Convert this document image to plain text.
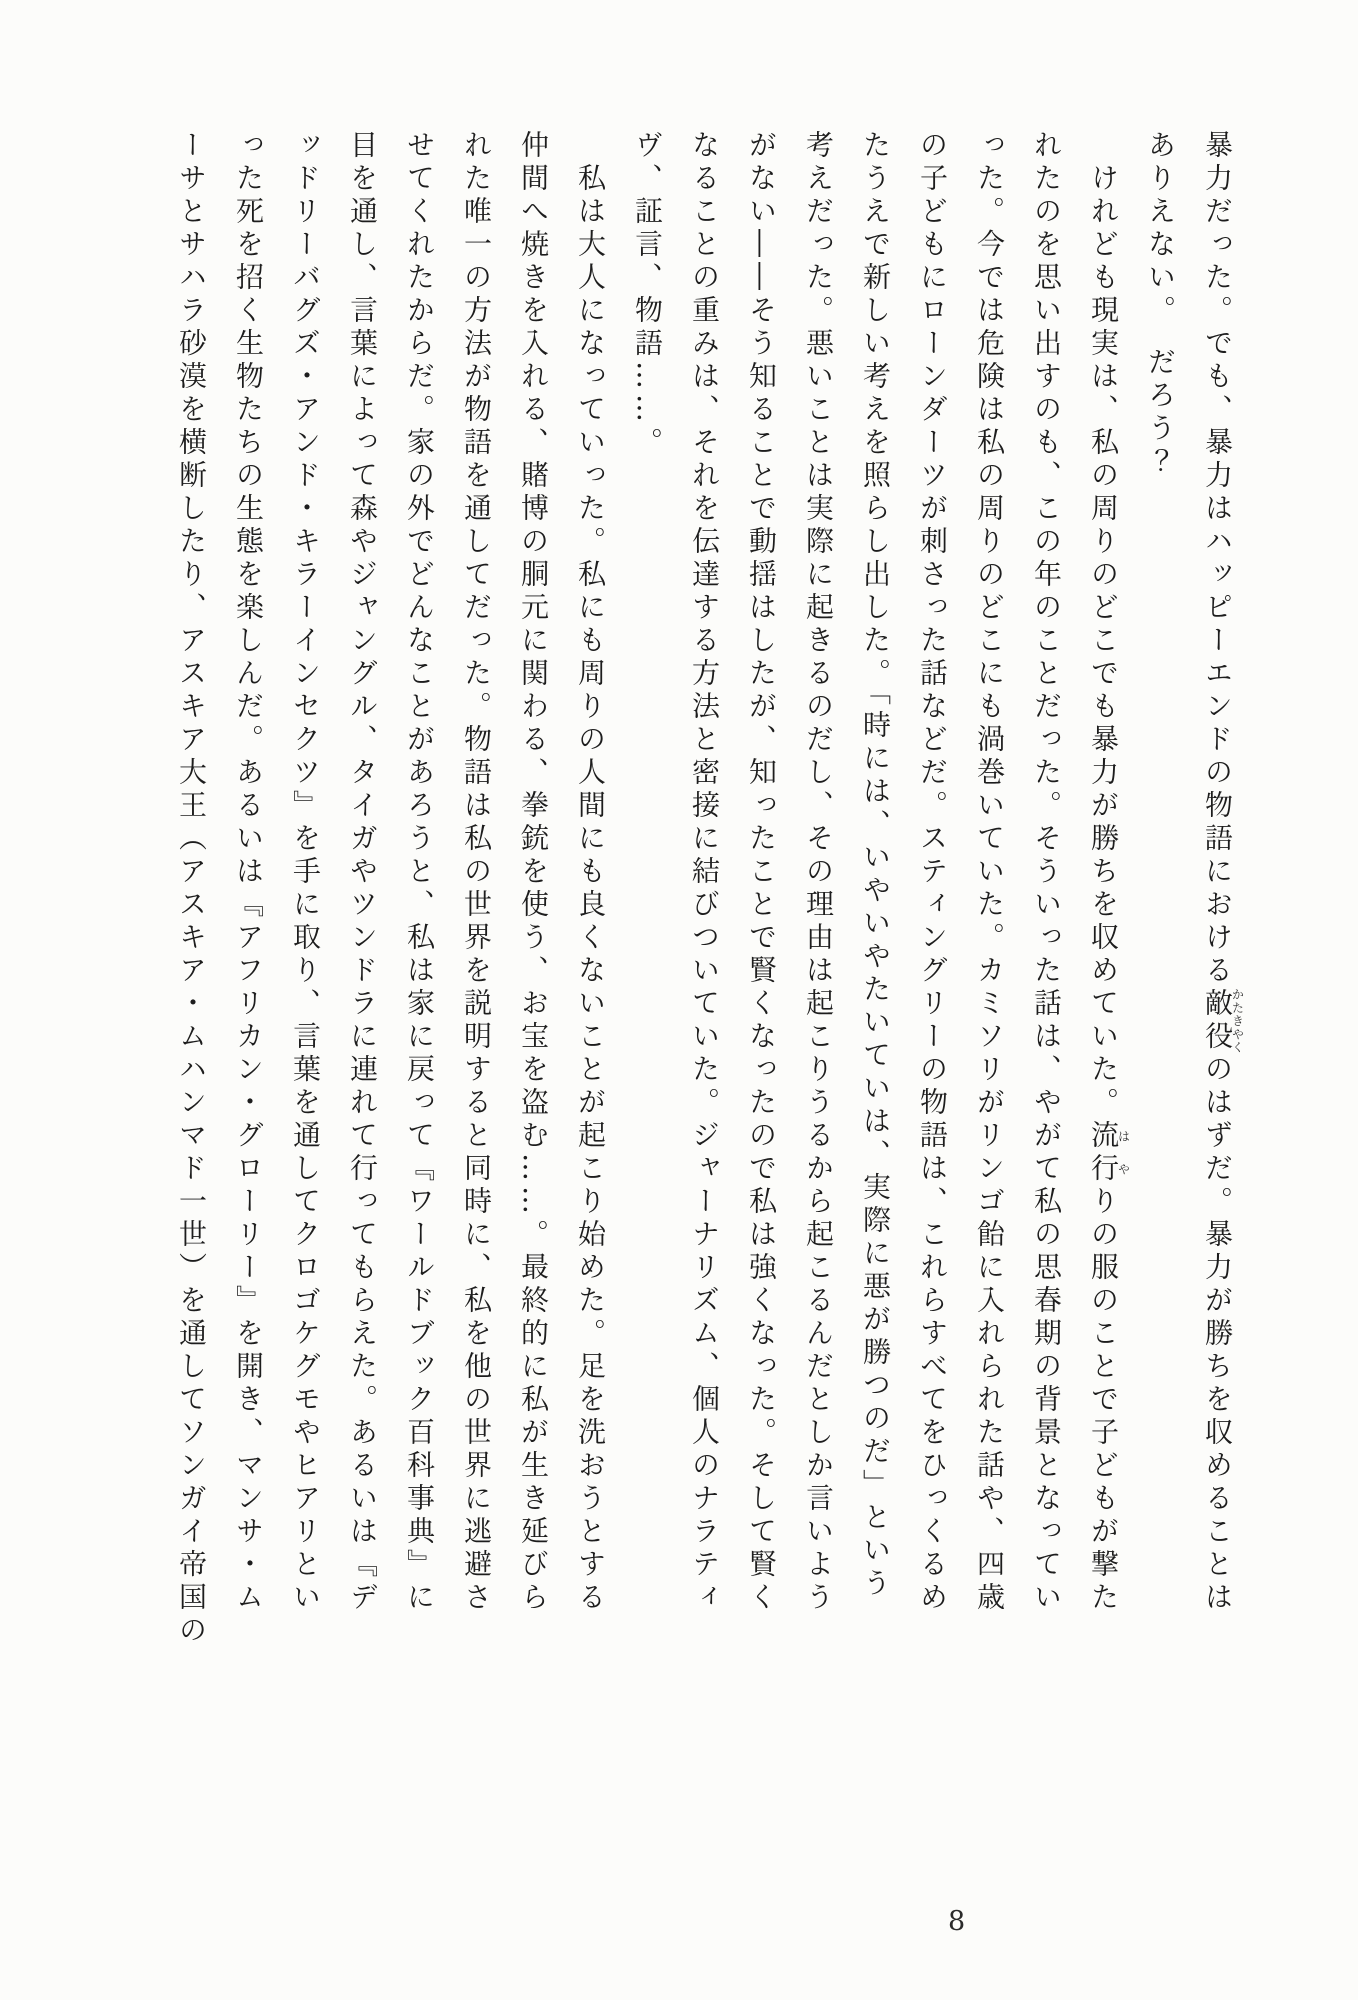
暴力だった。でも、暴力はハッピーエンドの物語における敵役かたきやくのはずだ。暴力が勝ちを収めることは

ありえない。　だろう？

　けれども現実は、私の周りのどこでも暴力が勝ちを収めていた。流行はやりの服のことで子どもが撃た

れたのを思い出すのも、この年のことだった。そういった話は、やがて私の思春期の背景となってい

った。今では危険は私の周りのどこにも渦巻いていた。カミソリがリンゴ飴に入れられた話や、四歳

の子どもにローンダーツが刺さった話などだ。スティングリーの物語は、これらすべてをひっくるめ

たうえで新しい考えを照らし出した。「時には、いやいやたいていは、実際に悪が勝つのだ」という

考えだった。悪いことは実際に起きるのだし、その理由は起こりうるから起こるんだとしか言いよう

がない――そう知ることで動揺はしたが、知ったことで賢くなったので私は強くなった。そして賢く

なることの重みは、それを伝達する方法と密接に結びついていた。ジャーナリズム、個人のナラティ

ヴ、証言、物語……。

　私は大人になっていった。私にも周りの人間にも良くないことが起こり始めた。足を洗おうとする

仲間へ焼きを入れる、賭博の胴元に関わる、拳銃を使う、お宝を盗む……。最終的に私が生き延びら

れた唯一の方法が物語を通してだった。物語は私の世界を説明すると同時に、私を他の世界に逃避さ

せてくれたからだ。家の外でどんなことがあろうと、私は家に戻って『ワールドブック百科事典』に

目を通し、言葉によって森やジャングル、タイガやツンドラに連れて行ってもらえた。あるいは『デ

ッドリーバグズ・アンド・キラーインセクツ』を手に取り、言葉を通してクロゴケグモやヒアリとい

った死を招く生物たちの生態を楽しんだ。あるいは『アフリカン・グローリー』を開き、マンサ・ム

ーサとサハラ砂漠を横断したり、アスキア大王（アスキア・ムハンマド一世）を通してソンガイ帝国の

8
